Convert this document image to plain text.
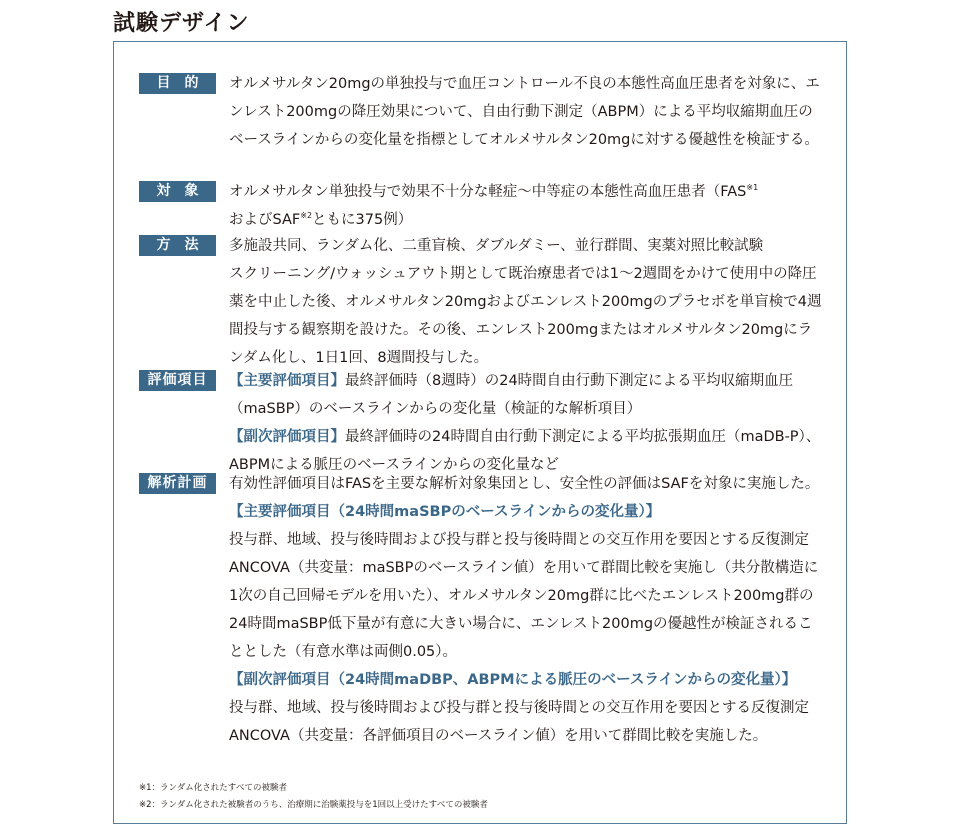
試験デザイン
目的 オルメサルタン20mgの単独投与で血圧コントロール不良の本態性高血圧患者を対象に、エンレスト200mgの降圧効果について、自由行動下測定（ABPM）による平均収縮期血圧のベースラインからの変化量を指標としてオルメサルタン20mgに対する優越性を検証する。

対象 オルメサルタン単独投与で効果不十分な軽症〜中等症の本態性高血圧患者（FAS$^{※1}$
およびSAF$^{※2}$ともに375例）

方法 多施設共同、ランダム化、二重盲検、ダブルダミー、並行群間、実薬対照比較試験

スクリーニング/ウォッシュアウト期として既治療患者では1〜2週間をかけて使用中の降圧薬を中止した後、オルメサルタン20mgおよびエンレスト200mgのプラセボを単盲検で4週間投与する観察期を設けた。その後、エンレスト200mgまたはオルメサルタン20mgにランダム化し、1日1回、8週間投与した。

評価項目	【主要評価項目】最終評価時（8週時）の24時間自由行動下測定による平均収縮期血圧（maSBP）のベースラインからの変化量（検証的な解析項目）

【副次評価項目】最終評価時の24時間自由行動下測定による平均拡張期血圧（maDB-P）、ABPMによる脈圧のベースラインからの変化量など

解析計画	有効性評価項目はFASを主要な解析対象集団とし、安全性の評価はSAFを対象に実施した。

【主要評価項目（24時間maSBPのベースラインからの変化量）】

投与群、地域、投与後時間および投与群と投与後時間との交互作用を要因とする反復測定ANCOVA（共変量：maSBPのベースライン値）を用いて群間比較を実施し（共分散構造に1次の自己回帰モデルを用いた）、オルメサルタン20mg群に比べたエンレスト200mg群の24時間maSBP低下量が有意に大きい場合に、エンレスト200mgの優越性が検証されることとした（有意水準は両側0.05）。

【副次評価項目（24時間maDBP、ABPMによる脈圧のベースラインからの変化量）】

投与群、地域、投与後時間および投与群と投与後時間との交互作用を要因とする反復測定ANCOVA（共変量：各評価項目のベースライン値）を用いて群間比較を実施した。

※1：ランダム化されたすべての被験者

※2：ランダム化された被験者のうち、治療期に治験薬投与を1回以上受けたすべての被験者
